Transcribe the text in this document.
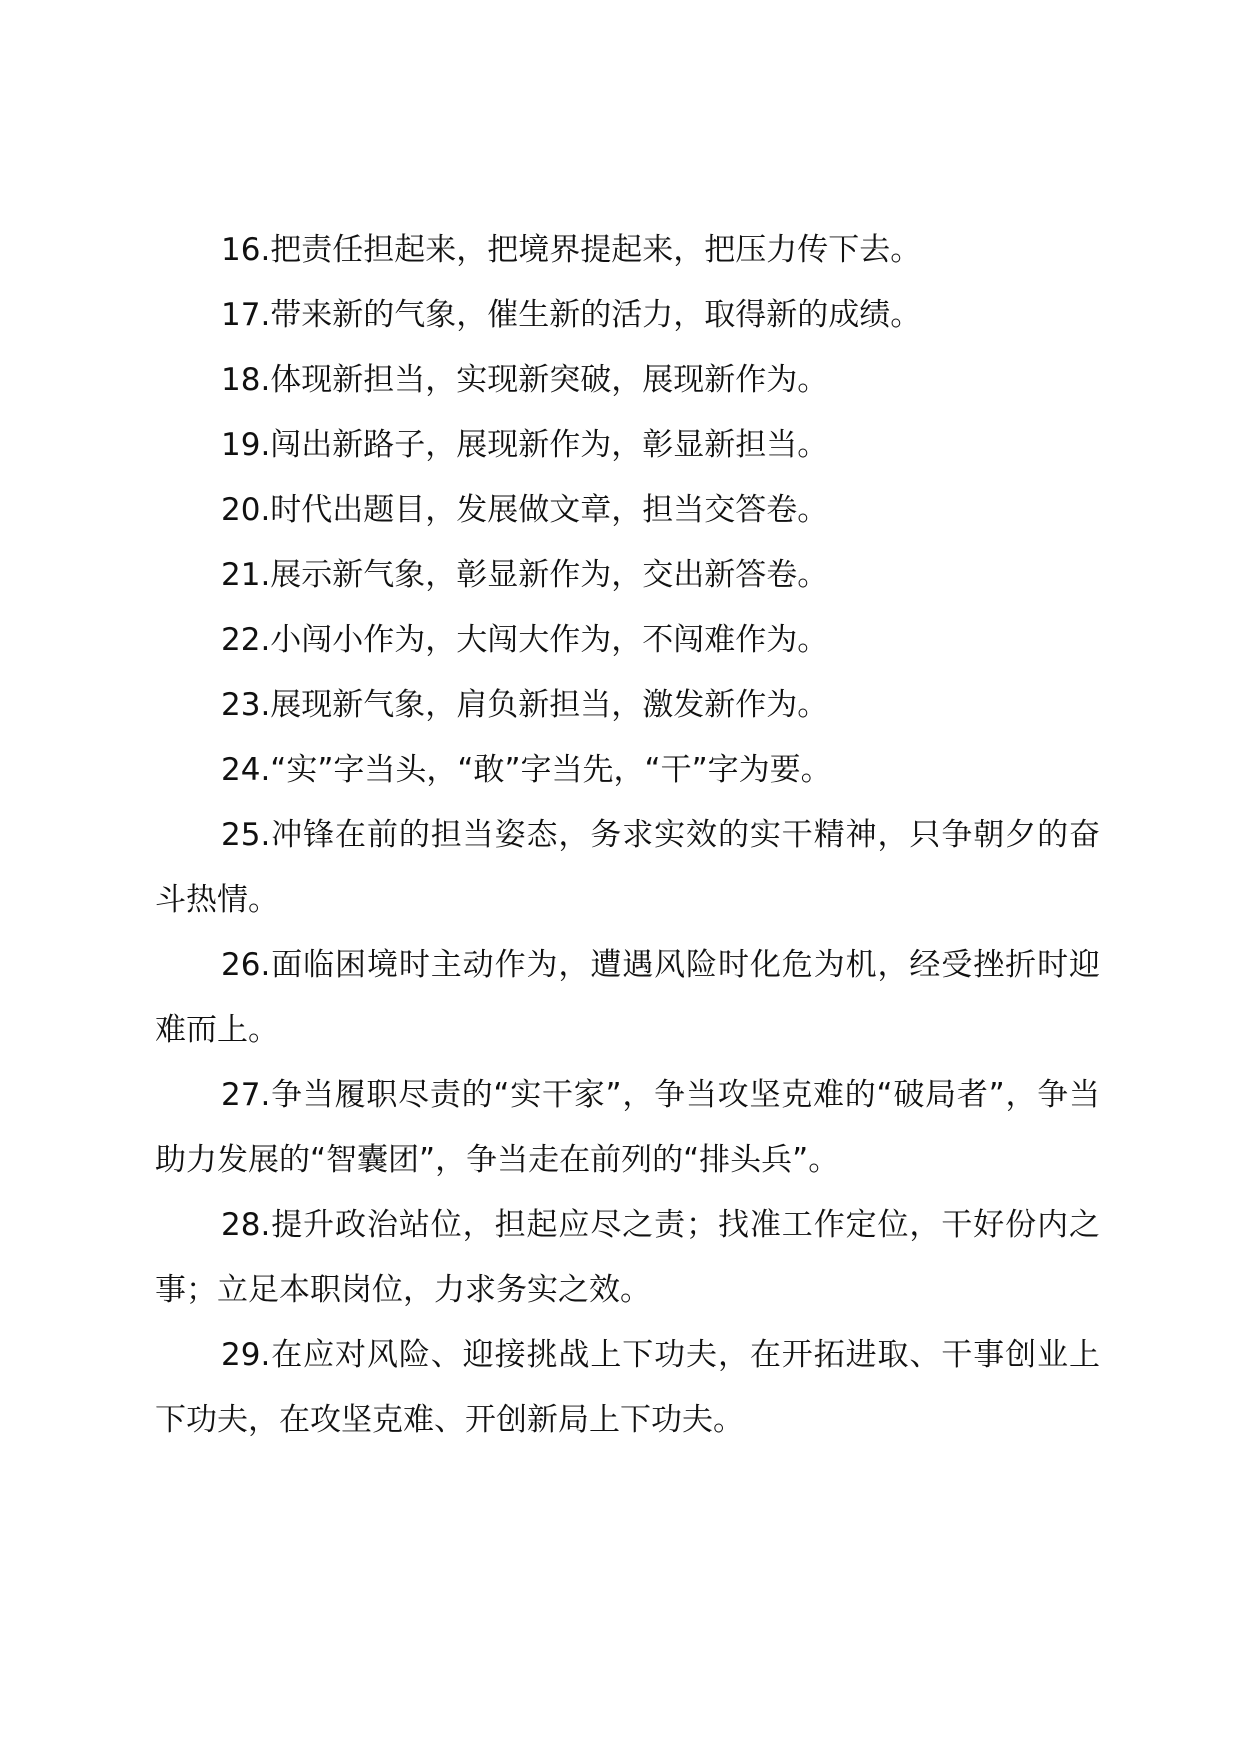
16.把责任担起来，把境界提起来，把压力传下去。

17.带来新的气象，催生新的活力，取得新的成绩。

18.体现新担当，实现新突破，展现新作为。

19.闯出新路子，展现新作为，彰显新担当。

20.时代出题目，发展做文章，担当交答卷。

21.展示新气象，彰显新作为，交出新答卷。

22.小闯小作为，大闯大作为，不闯难作为。

23.展现新气象，肩负新担当，激发新作为。

24.“实”字当头，“敢”字当先，“干”字为要。

25.冲锋在前的担当姿态，务求实效的实干精神，只争朝夕的奋斗热情。

26.面临困境时主动作为，遭遇风险时化危为机，经受挫折时迎难而上。

27.争当履职尽责的“实干家”，争当攻坚克难的“破局者”，争当助力发展的“智囊团”，争当走在前列的“排头兵”。

28.提升政治站位，担起应尽之责；找准工作定位，干好份内之事；立足本职岗位，力求务实之效。

29.在应对风险、迎接挑战上下功夫，在开拓进取、干事创业上下功夫，在攻坚克难、开创新局上下功夫。
